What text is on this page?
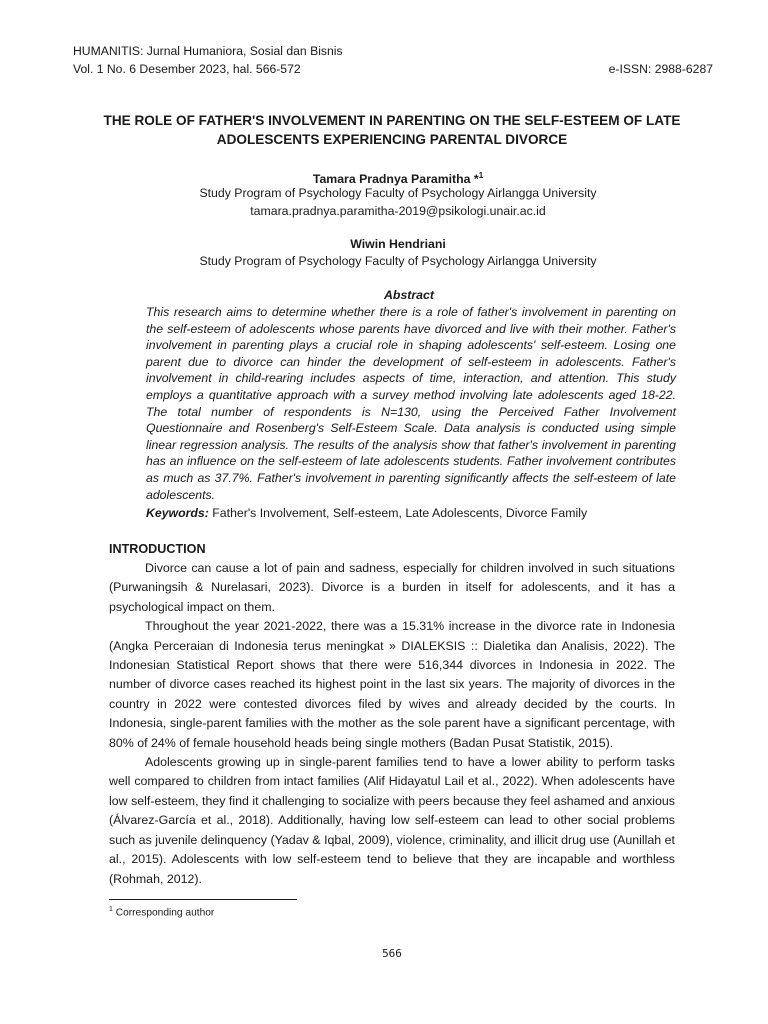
HUMANITIS: Jurnal Humaniora, Sosial dan Bisnis
Vol. 1 No. 6 Desember 2023, hal. 566-572	e-ISSN: 2988-6287
THE ROLE OF FATHER'S INVOLVEMENT IN PARENTING ON THE SELF-ESTEEM OF LATE ADOLESCENTS EXPERIENCING PARENTAL DIVORCE
Tamara Pradnya Paramitha *$^1$
Study Program of Psychology Faculty of Psychology Airlangga University
tamara.pradnya.paramitha-2019@psikologi.unair.ac.id
Wiwin Hendriani
Study Program of Psychology Faculty of Psychology Airlangga University
Abstract

This research aims to determine whether there is a role of father's involvement in parenting on the self-esteem of adolescents whose parents have divorced and live with their mother. Father's involvement in parenting plays a crucial role in shaping adolescents' self-esteem. Losing one parent due to divorce can hinder the development of self-esteem in adolescents. Father's involvement in child-rearing includes aspects of time, interaction, and attention. This study employs a quantitative approach with a survey method involving late adolescents aged 18-22. The total number of respondents is N=130, using the Perceived Father Involvement Questionnaire and Rosenberg's Self-Esteem Scale. Data analysis is conducted using simple linear regression analysis. The results of the analysis show that father's involvement in parenting has an influence on the self-esteem of late adolescents students. Father involvement contributes as much as 37.7%. Father's involvement in parenting significantly affects the self-esteem of late adolescents.

Keywords: Father's Involvement, Self-esteem, Late Adolescents, Divorce Family

INTRODUCTION

Divorce can cause a lot of pain and sadness, especially for children involved in such situations (Purwaningsih & Nurelasari, 2023). Divorce is a burden in itself for adolescents, and it has a psychological impact on them.

Throughout the year 2021-2022, there was a 15.31% increase in the divorce rate in Indonesia (Angka Perceraian di Indonesia terus meningkat » DIALEKSIS :: Dialetika dan Analisis, 2022). The Indonesian Statistical Report shows that there were 516,344 divorces in Indonesia in 2022. The number of divorce cases reached its highest point in the last six years. The majority of divorces in the country in 2022 were contested divorces filed by wives and already decided by the courts. In Indonesia, single-parent families with the mother as the sole parent have a significant percentage, with 80% of 24% of female household heads being single mothers (Badan Pusat Statistik, 2015).

Adolescents growing up in single-parent families tend to have a lower ability to perform tasks well compared to children from intact families (Alif Hidayatul Lail et al., 2022). When adolescents have low self-esteem, they find it challenging to socialize with peers because they feel ashamed and anxious (Álvarez-García et al., 2018). Additionally, having low self-esteem can lead to other social problems such as juvenile delinquency (Yadav & Iqbal, 2009), violence, criminality, and illicit drug use (Aunillah et al., 2015). Adolescents with low self-esteem tend to believe that they are incapable and worthless (Rohmah, 2012).

$^1$ Corresponding author
566
